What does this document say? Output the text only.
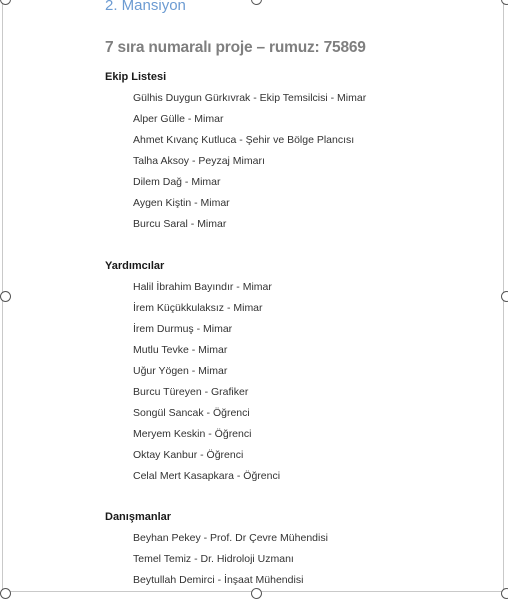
2. Mansiyon
7 sıra numaralı proje – rumuz: 75869

Ekip Listesi

Gülhis Duygun Gürkıvrak - Ekip Temsilcisi - Mimar

Alper Gülle - Mimar

Ahmet Kıvanç Kutluca - Şehir ve Bölge Plancısı

Talha Aksoy - Peyzaj Mimarı

Dilem Dağ - Mimar

Aygen Kiştin - Mimar

Burcu Saral - Mimar

Yardımcılar

Halil İbrahim Bayındır - Mimar

İrem Küçükkulaksız - Mimar

İrem Durmuş - Mimar

Mutlu Tevke - Mimar

Uğur Yögen - Mimar

Burcu Türeyen - Grafiker

Songül Sancak - Öğrenci

Meryem Keskin - Öğrenci

Oktay Kanbur - Öğrenci

Celal Mert Kasapkara - Öğrenci

Danışmanlar

Beyhan Pekey - Prof. Dr Çevre Mühendisi

Temel Temiz - Dr. Hidroloji Uzmanı

Beytullah Demirci - İnşaat Mühendisi
